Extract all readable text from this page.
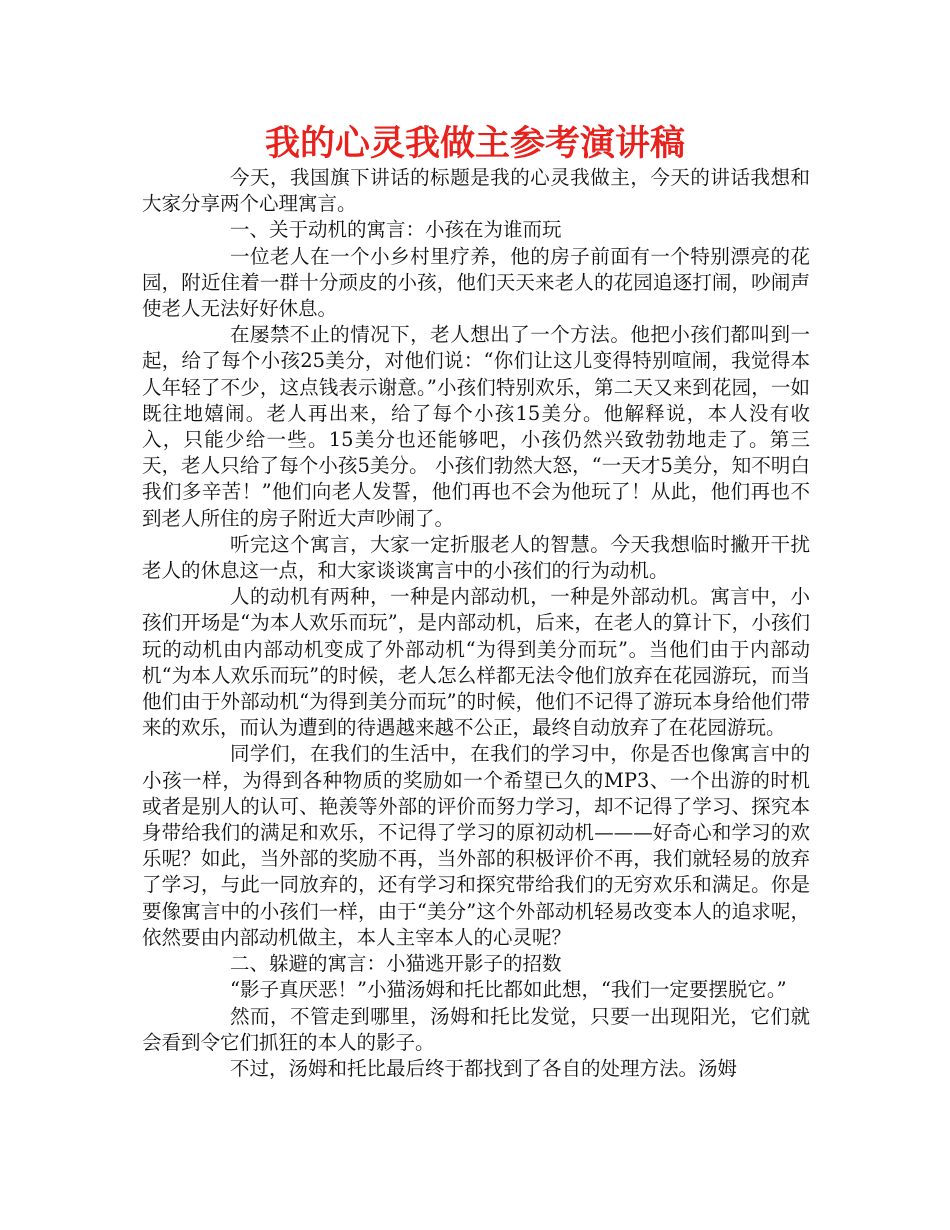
我的心灵我做主参考演讲稿

今天，我国旗下讲话的标题是我的心灵我做主，今天的讲话我想和大家分享两个心理寓言。

一、关于动机的寓言：小孩在为谁而玩

一位老人在一个小乡村里疗养，他的房子前面有一个特别漂亮的花园，附近住着一群十分顽皮的小孩，他们天天来老人的花园追逐打闹，吵闹声使老人无法好好休息。

在屡禁不止的情况下，老人想出了一个方法。他把小孩们都叫到一起，给了每个小孩25美分，对他们说：“你们让这儿变得特别喧闹，我觉得本人年轻了不少，这点钱表示谢意。”小孩们特别欢乐，第二天又来到花园，一如既往地嬉闹。老人再出来，给了每个小孩15美分。他解释说，本人没有收入，只能少给一些。15美分也还能够吧，小孩仍然兴致勃勃地走了。第三天，老人只给了每个小孩5美分。 小孩们勃然大怒，“一天才5美分，知不明白我们多辛苦！”他们向老人发誓，他们再也不会为他玩了！从此，他们再也不到老人所住的房子附近大声吵闹了。

听完这个寓言，大家一定折服老人的智慧。今天我想临时撇开干扰老人的休息这一点，和大家谈谈寓言中的小孩们的行为动机。

人的动机有两种，一种是内部动机，一种是外部动机。寓言中，小孩们开场是“为本人欢乐而玩”，是内部动机，后来，在老人的算计下，小孩们玩的动机由内部动机变成了外部动机“为得到美分而玩”。当他们由于内部动机“为本人欢乐而玩”的时候，老人怎么样都无法令他们放弃在花园游玩，而当他们由于外部动机“为得到美分而玩”的时候，他们不记得了游玩本身给他们带来的欢乐，而认为遭到的待遇越来越不公正，最终自动放弃了在花园游玩。

同学们，在我们的生活中，在我们的学习中，你是否也像寓言中的小孩一样，为得到各种物质的奖励如一个希望已久的MP3、一个出游的时机或者是别人的认可、艳羡等外部的评价而努力学习，却不记得了学习、探究本身带给我们的满足和欢乐，不记得了学习的原初动机———好奇心和学习的欢乐呢？如此，当外部的奖励不再，当外部的积极评价不再，我们就轻易的放弃了学习，与此一同放弃的，还有学习和探究带给我们的无穷欢乐和满足。你是要像寓言中的小孩们一样，由于“美分”这个外部动机轻易改变本人的追求呢，依然要由内部动机做主，本人主宰本人的心灵呢？

二、躲避的寓言：小猫逃开影子的招数

“影子真厌恶！”小猫汤姆和托比都如此想，“我们一定要摆脱它。”

然而，不管走到哪里，汤姆和托比发觉，只要一出现阳光，它们就会看到令它们抓狂的本人的影子。

不过，汤姆和托比最后终于都找到了各自的处理方法。汤姆
